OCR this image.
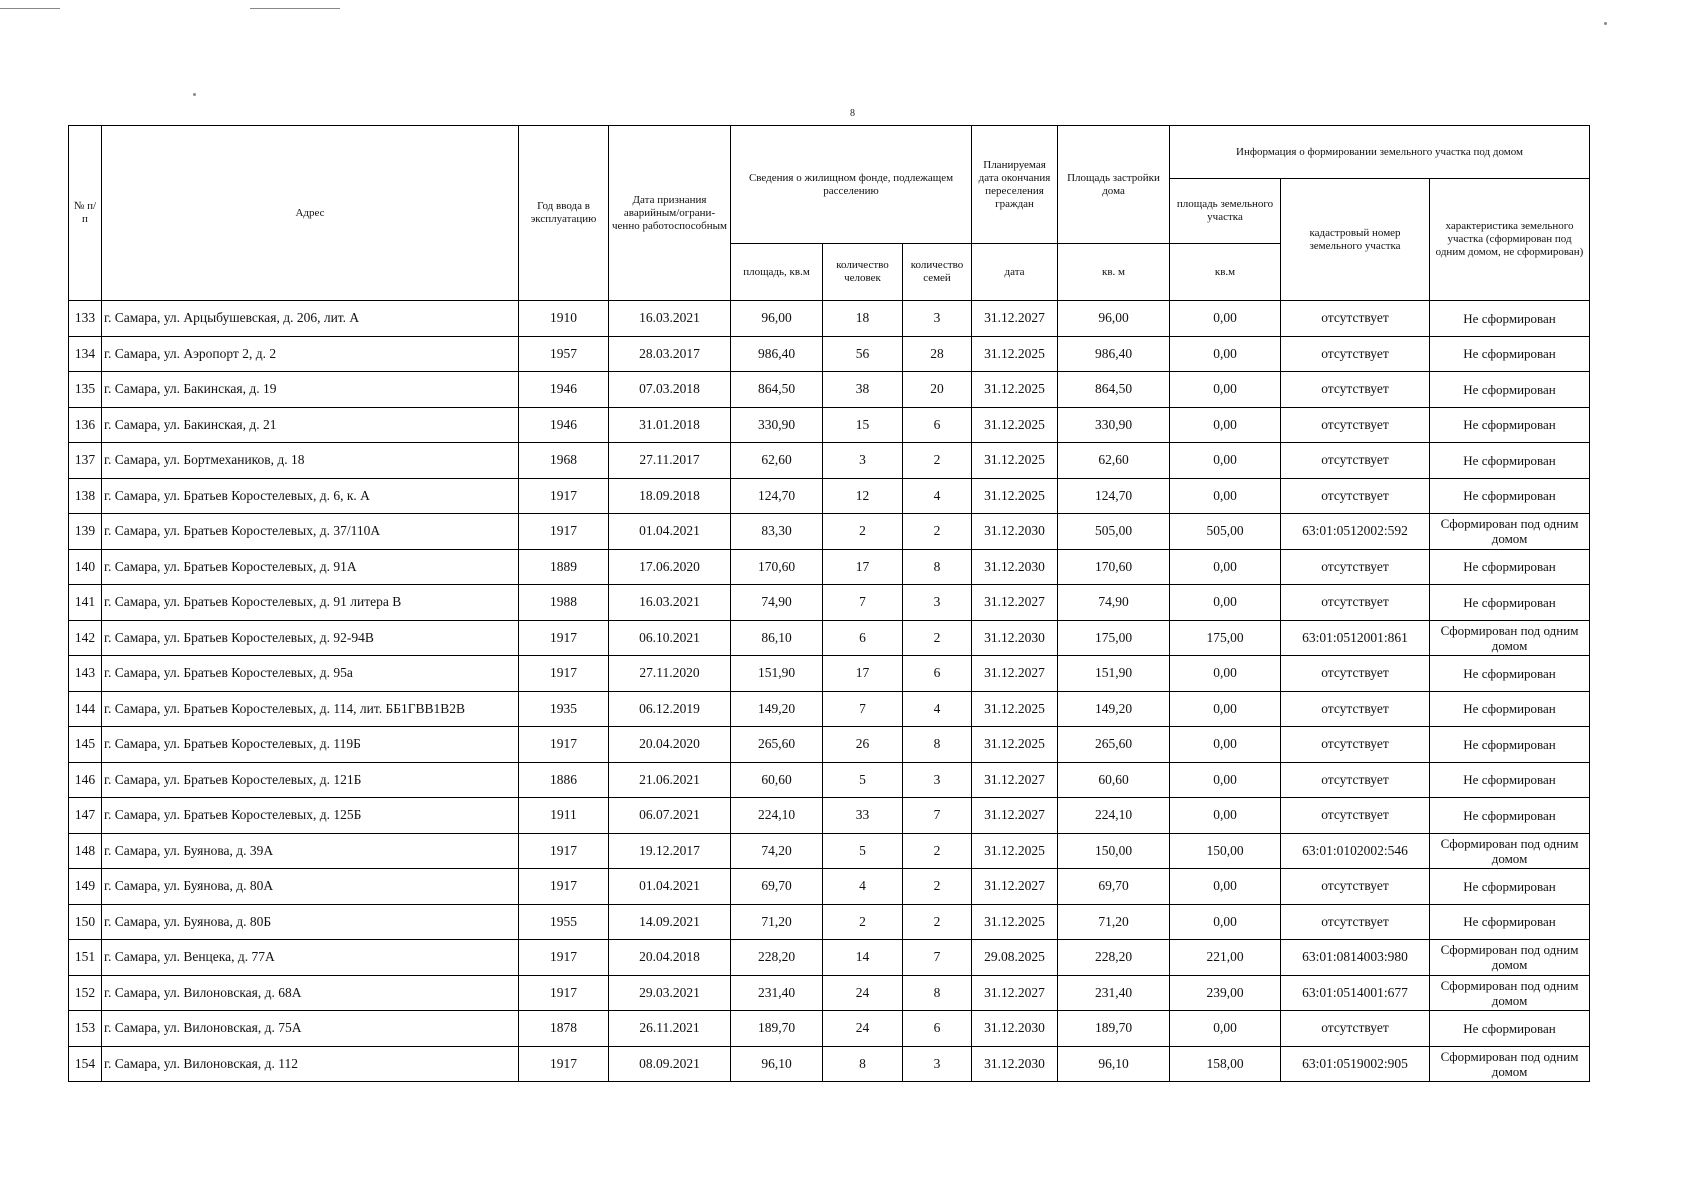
8
№ п/п	Адрес	Год ввода в эксплуатацию	Дата признания аварийным/ограни-ченно работоспособным	Сведения о жилищном фонде, подлежащем расселению			Планируемая дата окончания переселения граждан	Площадь застройки дома	Информация о формировании земельного участка под домом		
									площадь земельного участка	кадастровый номер земельного участка	характеристика земельного участка (сформирован под одним домом, не сформирован)
				площадь, кв.м	количество человек	количество семей	дата	кв. м	кв.м		
133	г. Самара, ул. Арцыбушевская, д. 206, лит. А	1910	16.03.2021	96,00	18	3	31.12.2027	96,00	0,00	отсутствует	Не сформирован
134	г. Самара, ул. Аэропорт 2, д. 2	1957	28.03.2017	986,40	56	28	31.12.2025	986,40	0,00	отсутствует	Не сформирован
135	г. Самара, ул. Бакинская, д. 19	1946	07.03.2018	864,50	38	20	31.12.2025	864,50	0,00	отсутствует	Не сформирован
136	г. Самара, ул. Бакинская, д. 21	1946	31.01.2018	330,90	15	6	31.12.2025	330,90	0,00	отсутствует	Не сформирован
137	г. Самара, ул. Бортмехаников, д. 18	1968	27.11.2017	62,60	3	2	31.12.2025	62,60	0,00	отсутствует	Не сформирован
138	г. Самара, ул. Братьев Коростелевых, д. 6, к. А	1917	18.09.2018	124,70	12	4	31.12.2025	124,70	0,00	отсутствует	Не сформирован
139	г. Самара, ул. Братьев Коростелевых, д. 37/110А	1917	01.04.2021	83,30	2	2	31.12.2030	505,00	505,00	63:01:0512002:592	Сформирован под одним домом
140	г. Самара, ул. Братьев Коростелевых, д. 91А	1889	17.06.2020	170,60	17	8	31.12.2030	170,60	0,00	отсутствует	Не сформирован
141	г. Самара, ул. Братьев Коростелевых, д. 91 литера В	1988	16.03.2021	74,90	7	3	31.12.2027	74,90	0,00	отсутствует	Не сформирован
142	г. Самара, ул. Братьев Коростелевых, д. 92-94В	1917	06.10.2021	86,10	6	2	31.12.2030	175,00	175,00	63:01:0512001:861	Сформирован под одним домом
143	г. Самара, ул. Братьев Коростелевых, д. 95а	1917	27.11.2020	151,90	17	6	31.12.2027	151,90	0,00	отсутствует	Не сформирован
144	г. Самара, ул. Братьев Коростелевых, д. 114, лит. ББ1ГВВ1В2В	1935	06.12.2019	149,20	7	4	31.12.2025	149,20	0,00	отсутствует	Не сформирован
145	г. Самара, ул. Братьев Коростелевых, д. 119Б	1917	20.04.2020	265,60	26	8	31.12.2025	265,60	0,00	отсутствует	Не сформирован
146	г. Самара, ул. Братьев Коростелевых, д. 121Б	1886	21.06.2021	60,60	5	3	31.12.2027	60,60	0,00	отсутствует	Не сформирован
147	г. Самара, ул. Братьев Коростелевых, д. 125Б	1911	06.07.2021	224,10	33	7	31.12.2027	224,10	0,00	отсутствует	Не сформирован
148	г. Самара, ул. Буянова, д. 39А	1917	19.12.2017	74,20	5	2	31.12.2025	150,00	150,00	63:01:0102002:546	Сформирован под одним домом
149	г. Самара, ул. Буянова, д. 80А	1917	01.04.2021	69,70	4	2	31.12.2027	69,70	0,00	отсутствует	Не сформирован
150	г. Самара, ул. Буянова, д. 80Б	1955	14.09.2021	71,20	2	2	31.12.2025	71,20	0,00	отсутствует	Не сформирован
151	г. Самара, ул. Венцека, д. 77А	1917	20.04.2018	228,20	14	7	29.08.2025	228,20	221,00	63:01:0814003:980	Сформирован под одним домом
152	г. Самара, ул. Вилоновская, д. 68А	1917	29.03.2021	231,40	24	8	31.12.2027	231,40	239,00	63:01:0514001:677	Сформирован под одним домом
153	г. Самара, ул. Вилоновская, д. 75А	1878	26.11.2021	189,70	24	6	31.12.2030	189,70	0,00	отсутствует	Не сформирован
154	г. Самара, ул. Вилоновская, д. 112	1917	08.09.2021	96,10	8	3	31.12.2030	96,10	158,00	63:01:0519002:905	Сформирован под одним домом
